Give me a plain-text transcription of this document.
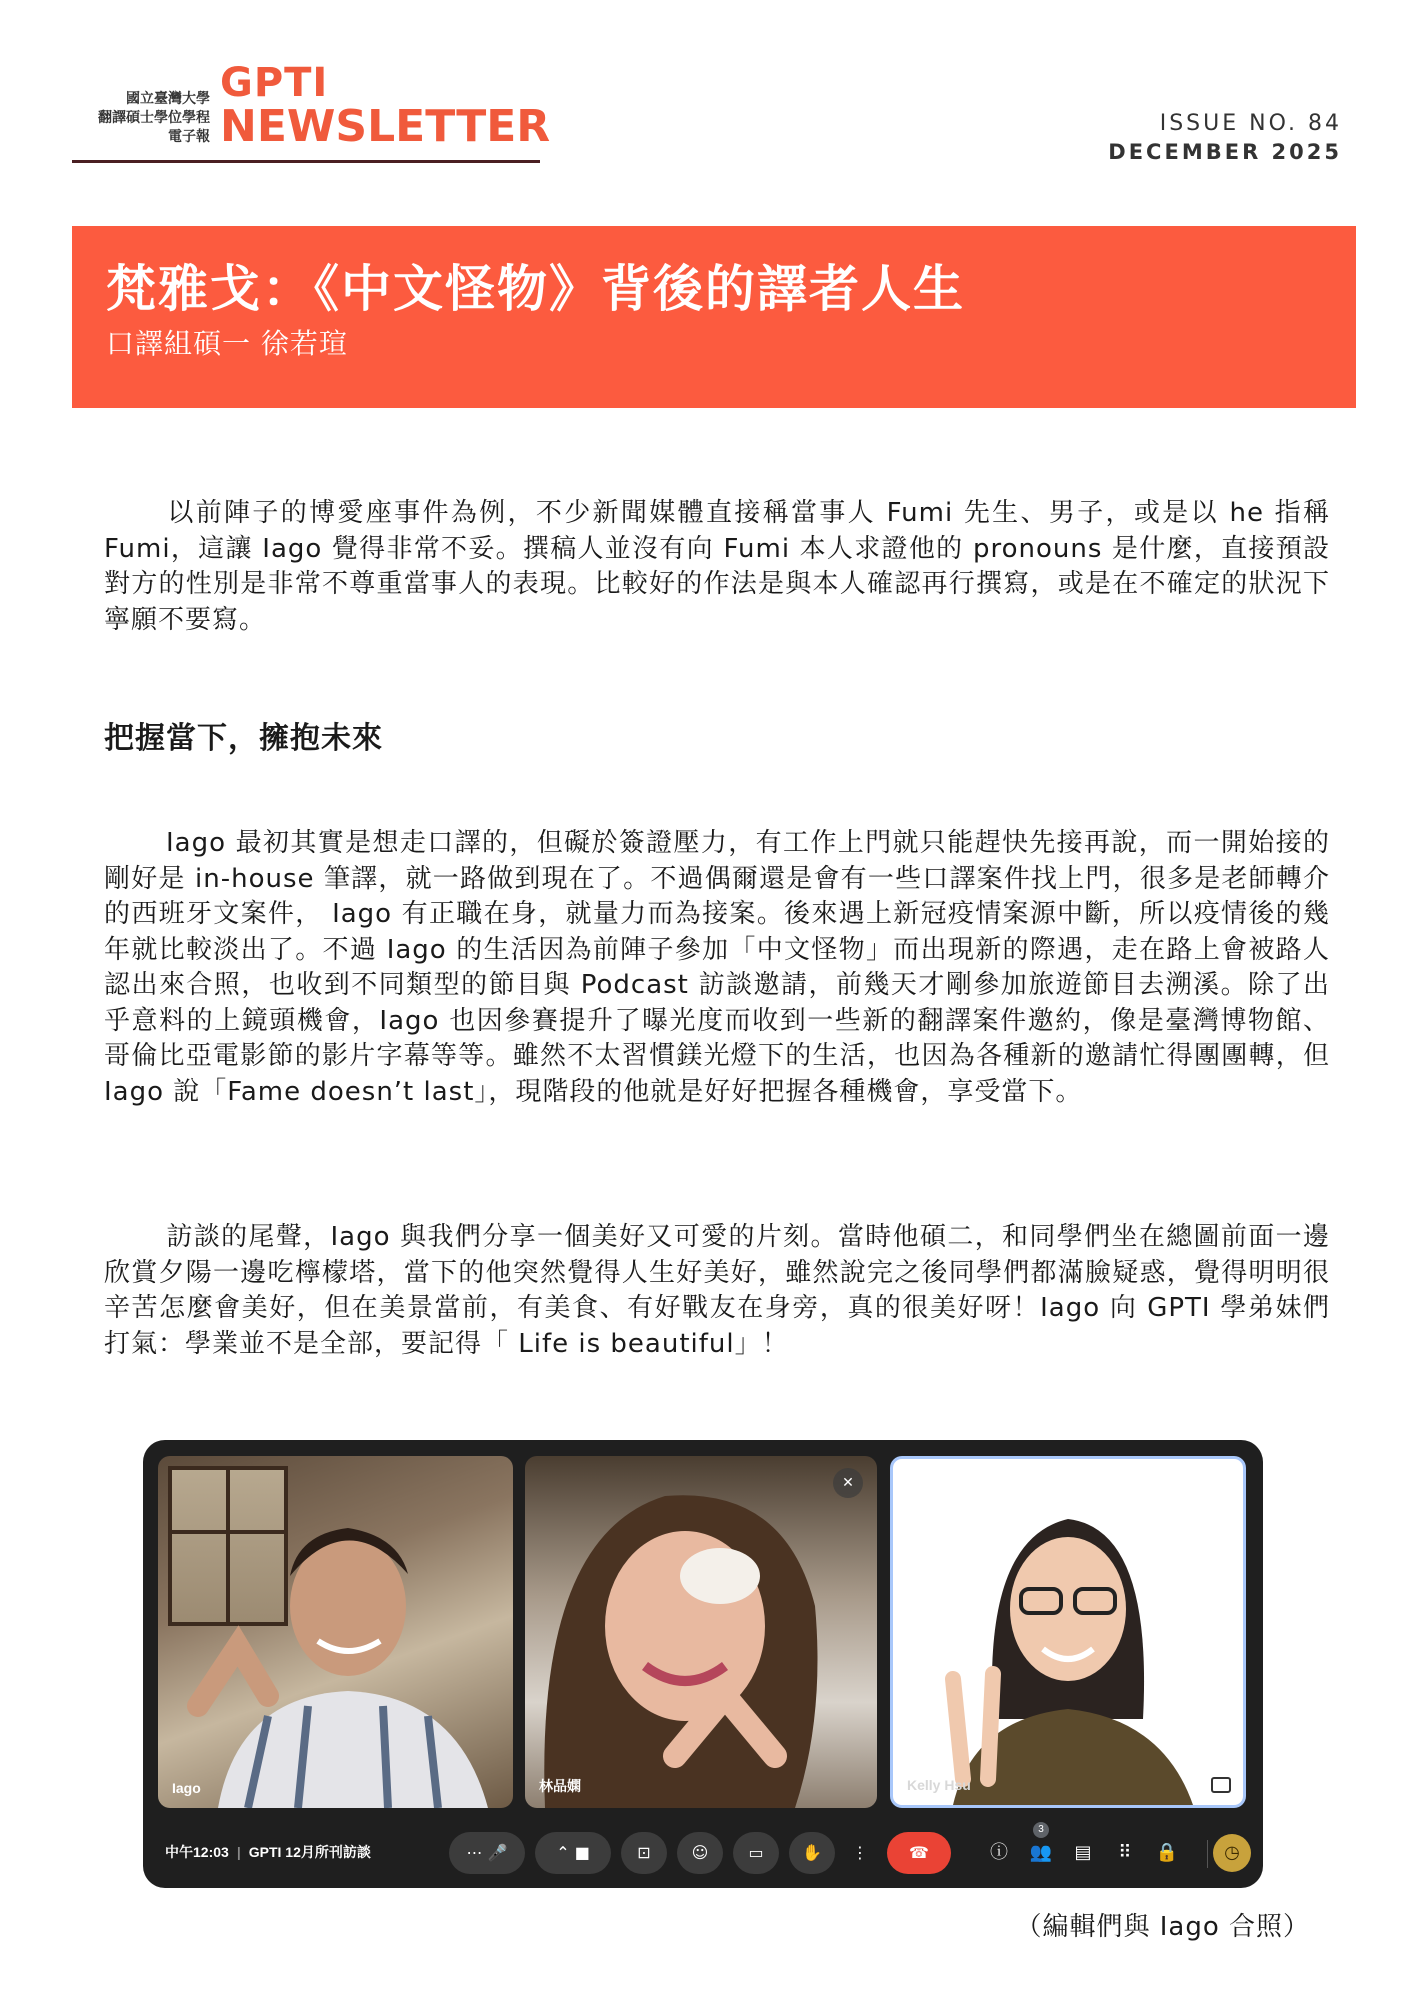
國立臺灣大學
翻譯碩士學位學程
電子報
GPTI
NEWSLETTER	ISSUE NO. 84
DECEMBER 2025
梵雅戈：《中文怪物》背後的譯者人生
口譯組碩一 徐若瑄
以前陣子的博愛座事件為例，不少新聞媒體直接稱當事人 Fumi 先生、男子，或是以 he 指稱 Fumi，這讓 Iago 覺得非常不妥。撰稿人並沒有向 Fumi 本人求證他的 pronouns 是什麼，直接預設對方的性別是非常不尊重當事人的表現。比較好的作法是與本人確認再行撰寫，或是在不確定的狀況下寧願不要寫。
把握當下，擁抱未來
Iago 最初其實是想走口譯的，但礙於簽證壓力，有工作上門就只能趕快先接再說，而一開始接的剛好是 in-house 筆譯，就一路做到現在了。不過偶爾還是會有一些口譯案件找上門，很多是老師轉介的西班牙文案件， Iago 有正職在身，就量力而為接案。後來遇上新冠疫情案源中斷，所以疫情後的幾年就比較淡出了。不過 Iago 的生活因為前陣子參加「中文怪物」而出現新的際遇，走在路上會被路人認出來合照，也收到不同類型的節目與 Podcast 訪談邀請，前幾天才剛參加旅遊節目去溯溪。除了出乎意料的上鏡頭機會，Iago 也因參賽提升了曝光度而收到一些新的翻譯案件邀約，像是臺灣博物館、哥倫比亞電影節的影片字幕等等。雖然不太習慣鎂光燈下的生活，也因為各種新的邀請忙得團團轉，但 Iago 說「Fame doesn’t last」，現階段的他就是好好把握各種機會，享受當下。
訪談的尾聲，Iago 與我們分享一個美好又可愛的片刻。當時他碩二，和同學們坐在總圖前面一邊欣賞夕陽一邊吃檸檬塔，當下的他突然覺得人生好美好，雖然說完之後同學們都滿臉疑惑，覺得明明很辛苦怎麼會美好，但在美景當前，有美食、有好戰友在身旁，真的很美好呀！Iago 向 GPTI 學弟妹們打氣：學業並不是全部，要記得「 Life is beautiful」！
Iago
✕
林品嫻	Kelly Hsu
中午12:03 | GPTI 12月所刊訪談	⋯ 🎤	⌃ ■	⊡	☺	▭	✋	⋮	☎	ⓘ	👥
3
▤	⠿	🔒	◷
（編輯們與 Iago 合照）
